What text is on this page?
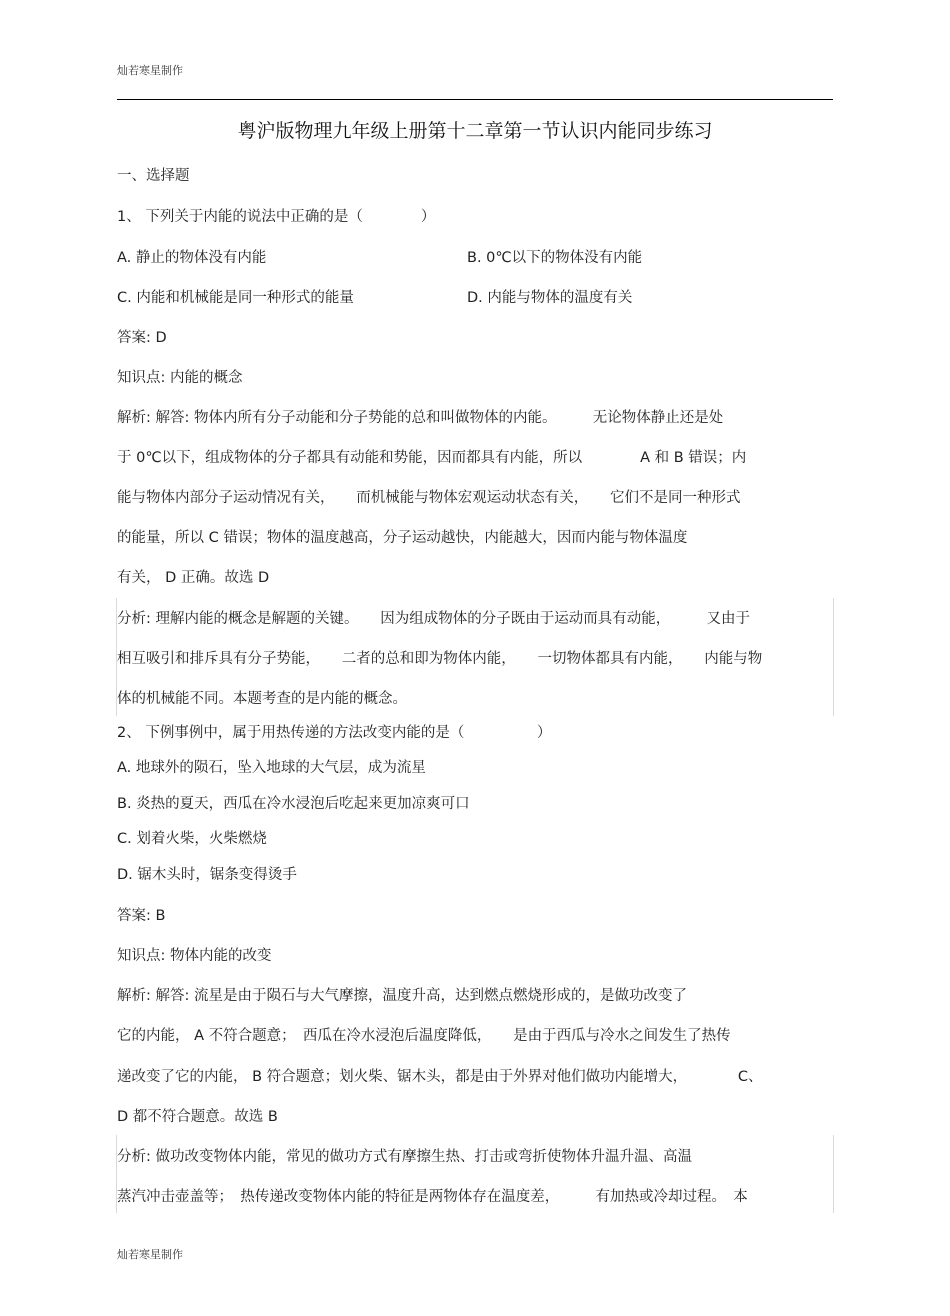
灿若寒星制作
粤沪版物理九年级上册第十二章第一节认识内能同步练习
一、选择题
1、 下列关于内能的说法中正确的是（　　　　）
A. 静止的物体没有内能	B. 0℃以下的物体没有内能
C. 内能和机械能是同一种形式的能量	D. 内能与物体的温度有关
答案: D
知识点: 内能的概念
解析: 解答: 物体内所有分子动能和分子势能的总和叫做物体的内能。　　　无论物体静止还是处
于 0℃以下，组成物体的分子都具有动能和势能，因而都具有内能，所以　　　　A 和 B 错误；内
能与物体内部分子运动情况有关，　　而机械能与物体宏观运动状态有关，　　它们不是同一种形式
的能量，所以 C 错误；物体的温度越高，分子运动越快，内能越大，因而内能与物体温度
有关， D 正确。故选 D
分析: 理解内能的概念是解题的关键。　　因为组成物体的分子既由于运动而具有动能，　　　又由于
相互吸引和排斥具有分子势能，　　二者的总和即为物体内能，　　一切物体都具有内能，　　内能与物
体的机械能不同。本题考查的是内能的概念。
2、 下例事例中，属于用热传递的方法改变内能的是（　　　　　）
A. 地球外的陨石，坠入地球的大气层，成为流星
B. 炎热的夏天，西瓜在冷水浸泡后吃起来更加凉爽可口
C. 划着火柴，火柴燃烧
D. 锯木头时，锯条变得烫手
答案: B
知识点: 物体内能的改变
解析: 解答: 流星是由于陨石与大气摩擦，温度升高，达到燃点燃烧形成的，是做功改变了
它的内能， A 不符合题意；　西瓜在冷水浸泡后温度降低，　　是由于西瓜与冷水之间发生了热传
递改变了它的内能， B 符合题意；划火柴、锯木头，都是由于外界对他们做功内能增大，　　　　C、
D 都不符合题意。故选 B
分析: 做功改变物体内能，常见的做功方式有摩擦生热、打击或弯折使物体升温升温、高温
蒸汽冲击壶盖等；　热传递改变物体内能的特征是两物体存在温度差，　　　有加热或冷却过程。　本
灿若寒星制作
